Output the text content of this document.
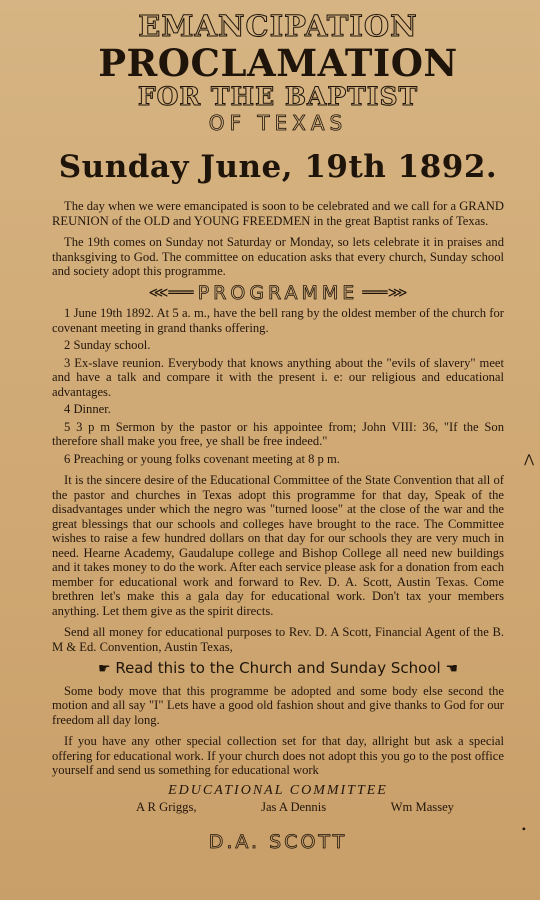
EMANCIPATION
PROCLAMATION
FOR THE BAPTIST
OF TEXAS
Sunday June, 19th 1892.

The day when we were emancipated is soon to be celebrated and we call for a GRAND REUNION of the OLD and YOUNG FREEDMEN in the great Baptist ranks of Texas.

The 19th comes on Sunday not Saturday or Monday, so lets celebrate it in praises and thanksgiving to God. The committee on education asks that every church, Sunday school and society adopt this programme.

⋘═══ PROGRAMME ═══⋙

1 June 19th 1892. At 5 a. m., have the bell rang by the oldest member of the church for covenant meeting in grand thanks offering.

2 Sunday school.

3 Ex-slave reunion. Everybody that knows anything about the "evils of slavery" meet and have a talk and compare it with the present i. e: our religious and educational advantages.

4 Dinner.

5 3 p m Sermon by the pastor or his appointee from; John VIII: 36, "If the Son therefore shall make you free, ye shall be free indeed."

6 Preaching or young folks covenant meeting at 8 p m.

It is the sincere desire of the Educational Committee of the State Convention that all of the pastor and churches in Texas adopt this programme for that day, Speak of the disadvantages under which the negro was "turned loose" at the close of the war and the great blessings that our schools and colleges have brought to the race. The Committee wishes to raise a few hundred dollars on that day for our schools they are very much in need. Hearne Academy, Gaudalupe college and Bishop College all need new buildings and it takes money to do the work. After each service please ask for a donation from each member for educational work and forward to Rev. D. A. Scott, Austin Texas. Come brethren let's make this a gala day for educational work. Don't tax your members anything. Let them give as the spirit directs.

Send all money for educational purposes to Rev. D. A Scott, Financial Agent of the B. M & Ed. Convention, Austin Texas,

☛ Read this to the Church and Sunday School ☚

Some body move that this programme be adopted and some body else second the motion and all say "I" Lets have a good old fashion shout and give thanks to God for our freedom all day long.

If you have any other special collection set for that day, allright but ask a special offering for educational work. If your church does not adopt this you go to the post office yourself and send us something for educational work

EDUCATIONAL COMMITTEE
A R Griggs,	Jas A Dennis	Wm Massey
D.A. SCOTT
⋀
•
